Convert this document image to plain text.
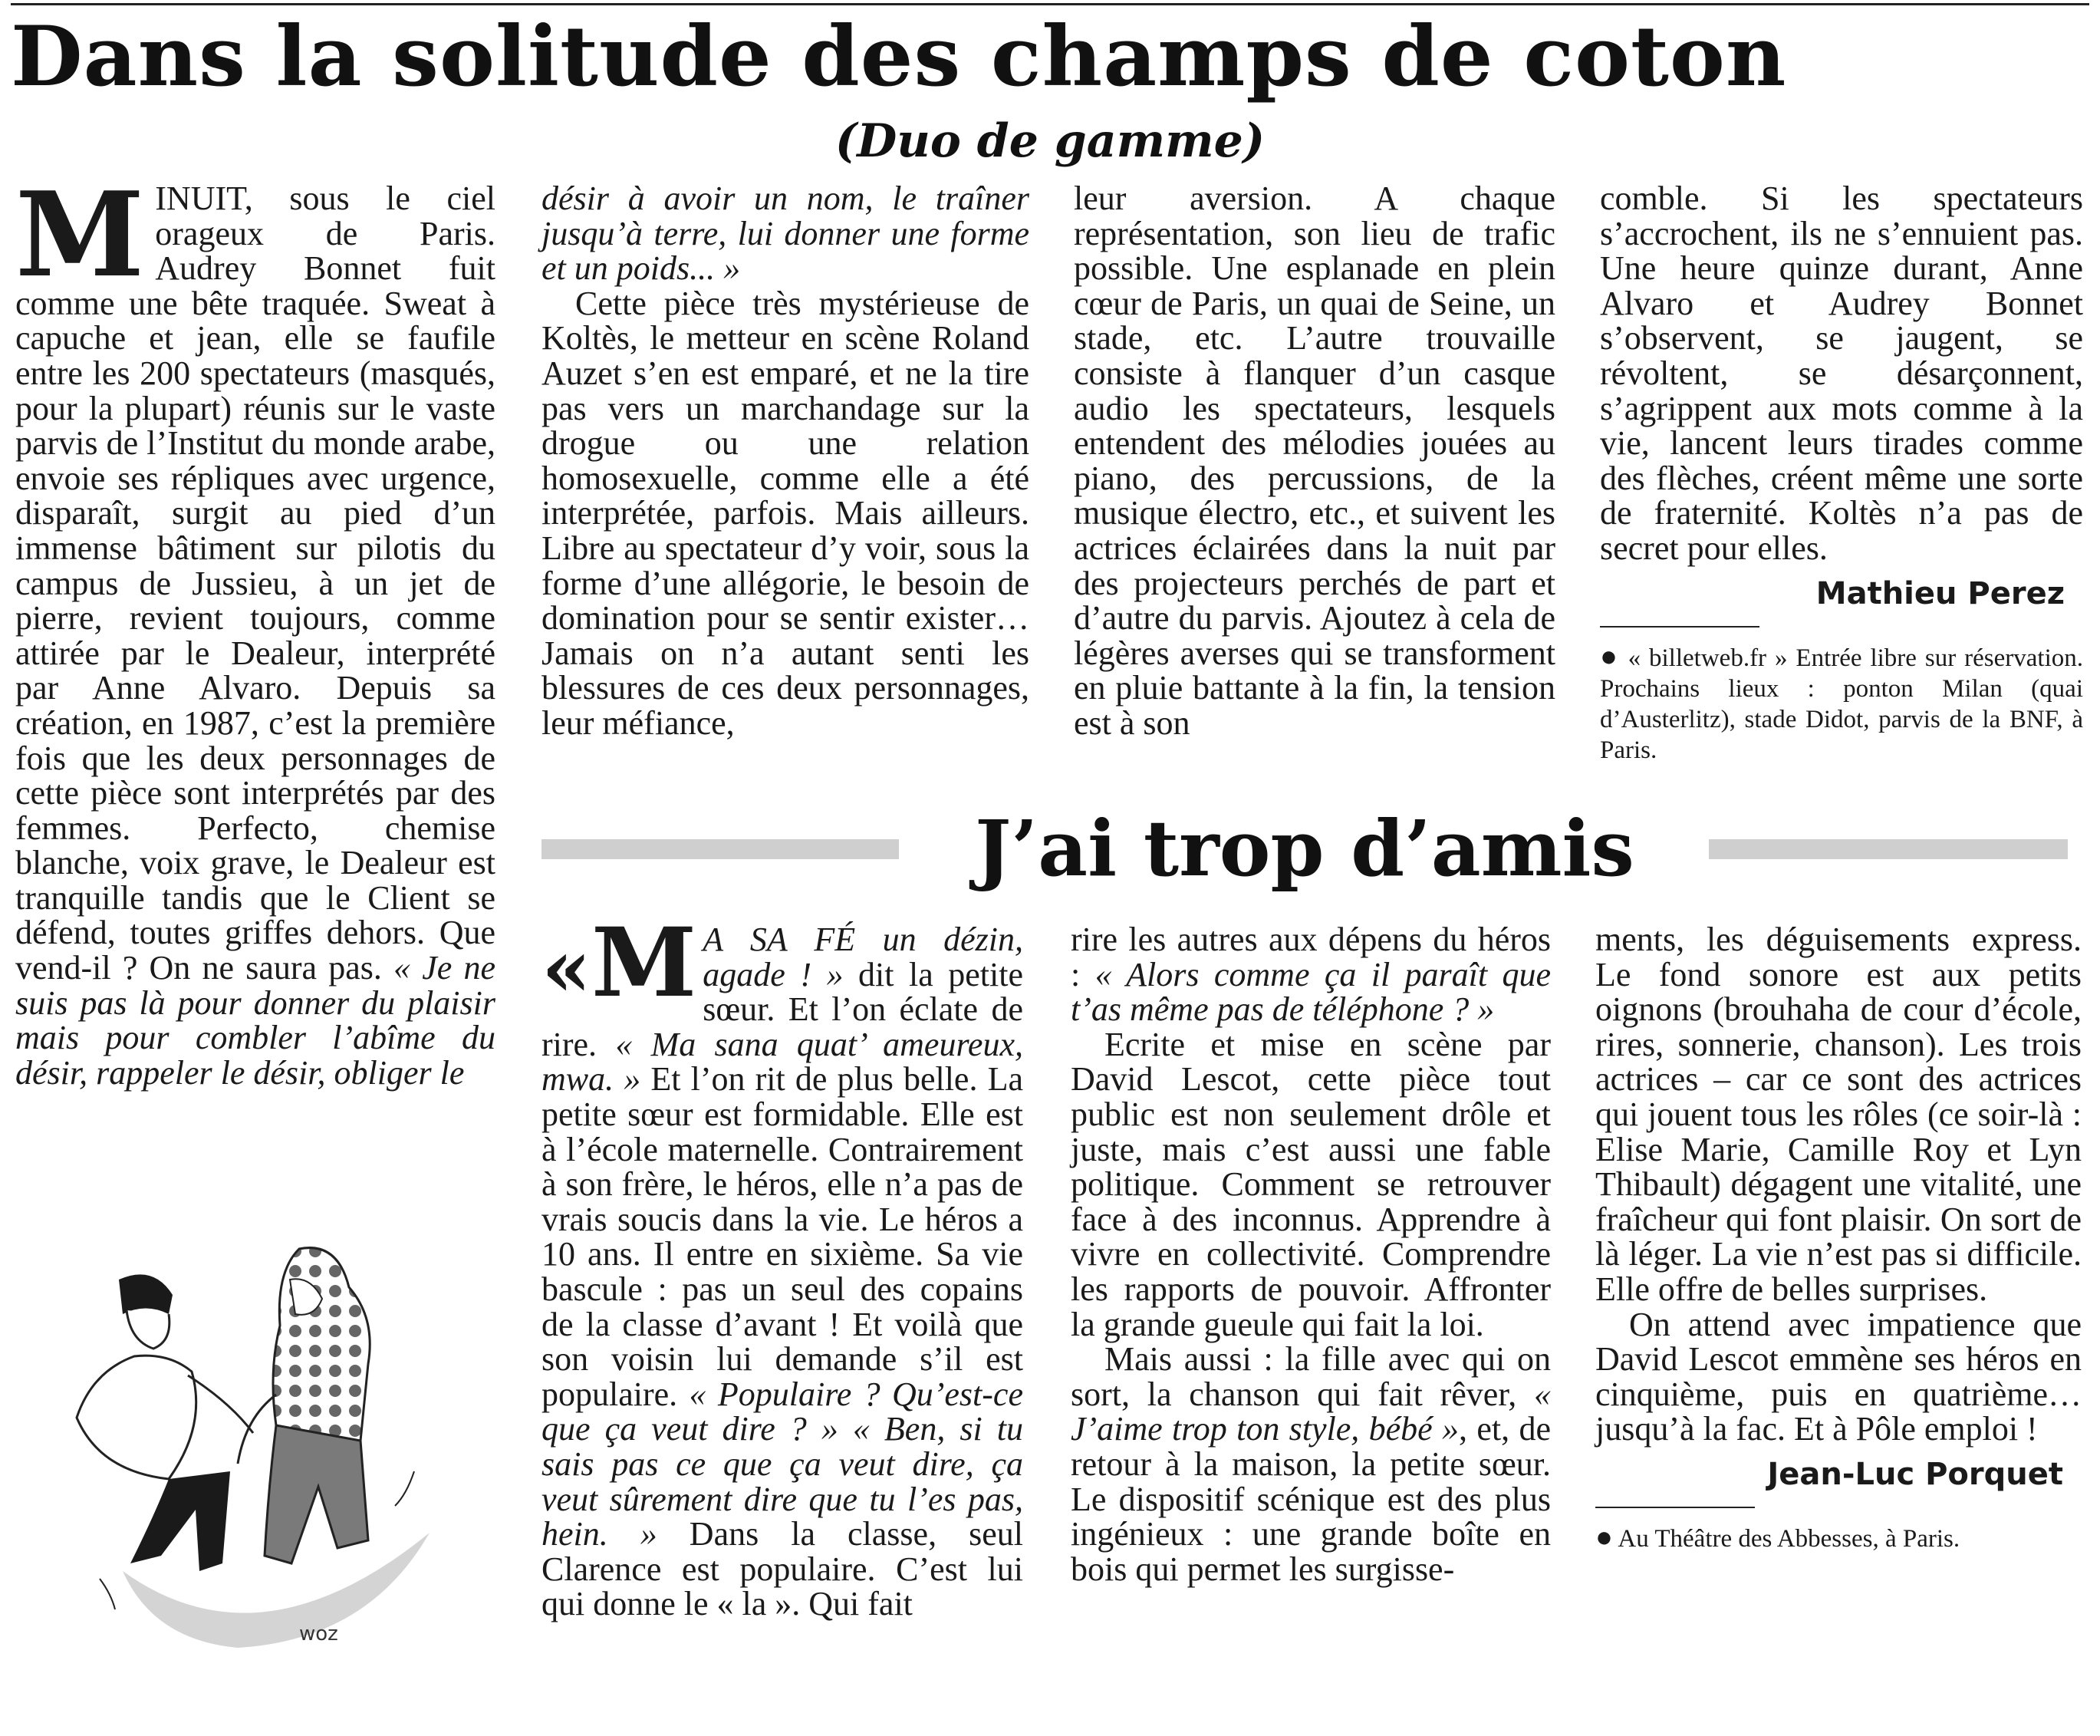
Dans la solitude des champs de coton
(Duo de gamme)

MINUIT, sous le ciel orageux de Paris. Audrey Bonnet fuit comme une bête traquée. Sweat à capuche et jean, elle se faufile entre les 200 spectateurs (masqués, pour la plupart) réunis sur le vaste parvis de l’Institut du monde arabe, envoie ses répliques avec urgence, disparaît, surgit au pied d’un immense bâtiment sur pilotis du campus de Jussieu, à un jet de pierre, revient toujours, comme attirée par le Dealeur, interprété par Anne Alvaro. Depuis sa création, en 1987, c’est la première fois que les deux personnages de cette pièce sont interprétés par des femmes. Perfecto, chemise blanche, voix grave, le Dealeur est tranquille tandis que le Client se défend, toutes griffes dehors. Que vend-il ? On ne saura pas. « Je ne suis pas là pour donner du plaisir mais pour combler l’abîme du désir, rappeler le désir, obliger le

désir à avoir un nom, le traîner jusqu’à terre, lui donner une forme et un poids... »

Cette pièce très mystérieuse de Koltès, le metteur en scène Roland Auzet s’en est emparé, et ne la tire pas vers un marchandage sur la drogue ou une relation homosexuelle, comme elle a été interprétée, parfois. Mais ailleurs. Libre au spectateur d’y voir, sous la forme d’une allégorie, le besoin de domination pour se sentir exister… Jamais on n’a autant senti les blessures de ces deux personnages, leur méfiance,

leur aversion. A chaque représentation, son lieu de trafic possible. Une esplanade en plein cœur de Paris, un quai de Seine, un stade, etc. L’autre trouvaille consiste à flanquer d’un casque audio les spectateurs, lesquels entendent des mélodies jouées au piano, des percussions, de la musique électro, etc., et suivent les actrices éclairées dans la nuit par des projecteurs perchés de part et d’autre du parvis. Ajoutez à cela de légères averses qui se transforment en pluie battante à la fin, la tension est à son

comble. Si les spectateurs s’accrochent, ils ne s’ennuient pas. Une heure quinze durant, Anne Alvaro et Audrey Bonnet s’observent, se jaugent, se révoltent, se désarçonnent, s’agrippent aux mots comme à la vie, lancent leurs tirades comme des flèches, créent même une sorte de fraternité. Koltès n’a pas de secret pour elles.

Mathieu Perez
● « billetweb.fr » Entrée libre sur réservation. Prochains lieux : ponton Milan (quai d’Austerlitz), stade Didot, parvis de la BNF, à Paris.
J’ai trop d’amis

«M A SA FÉ un dézin, agade ! » dit la petite sœur. Et l’on éclate de rire. « Ma sana quat’ ameureux, mwa. » Et l’on rit de plus belle. La petite sœur est formidable. Elle est à l’école maternelle. Contrairement à son frère, le héros, elle n’a pas de vrais soucis dans la vie. Le héros a 10 ans. Il entre en sixième. Sa vie bascule : pas un seul des copains de la classe d’avant ! Et voilà que son voisin lui demande s’il est populaire. « Populaire ? Qu’est-ce que ça veut dire ? » « Ben, si tu sais pas ce que ça veut dire, ça veut sûrement dire que tu l’es pas, hein. » Dans la classe, seul Clarence est populaire. C’est lui qui donne le « la ». Qui fait

rire les autres aux dépens du héros : « Alors comme ça il paraît que t’as même pas de téléphone ? »

Ecrite et mise en scène par David Lescot, cette pièce tout public est non seulement drôle et juste, mais c’est aussi une fable politique. Comment se retrouver face à des inconnus. Apprendre à vivre en collectivité. Comprendre les rapports de pouvoir. Affronter la grande gueule qui fait la loi.

Mais aussi : la fille avec qui on sort, la chanson qui fait rêver, « J’aime trop ton style, bébé », et, de retour à la maison, la petite sœur. Le dispositif scénique est des plus ingénieux : une grande boîte en bois qui permet les surgisse-

ments, les déguisements express. Le fond sonore est aux petits oignons (brouhaha de cour d’école, rires, sonnerie, chanson). Les trois actrices – car ce sont des actrices qui jouent tous les rôles (ce soir-là : Elise Marie, Camille Roy et Lyn Thibault) dégagent une vitalité, une fraîcheur qui font plaisir. On sort de là léger. La vie n’est pas si difficile. Elle offre de belles surprises.

On attend avec impatience que David Lescot emmène ses héros en cinquième, puis en quatrième… jusqu’à la fac. Et à Pôle emploi !

Jean-Luc Porquet
● Au Théâtre des Abbesses, à Paris.
woz
